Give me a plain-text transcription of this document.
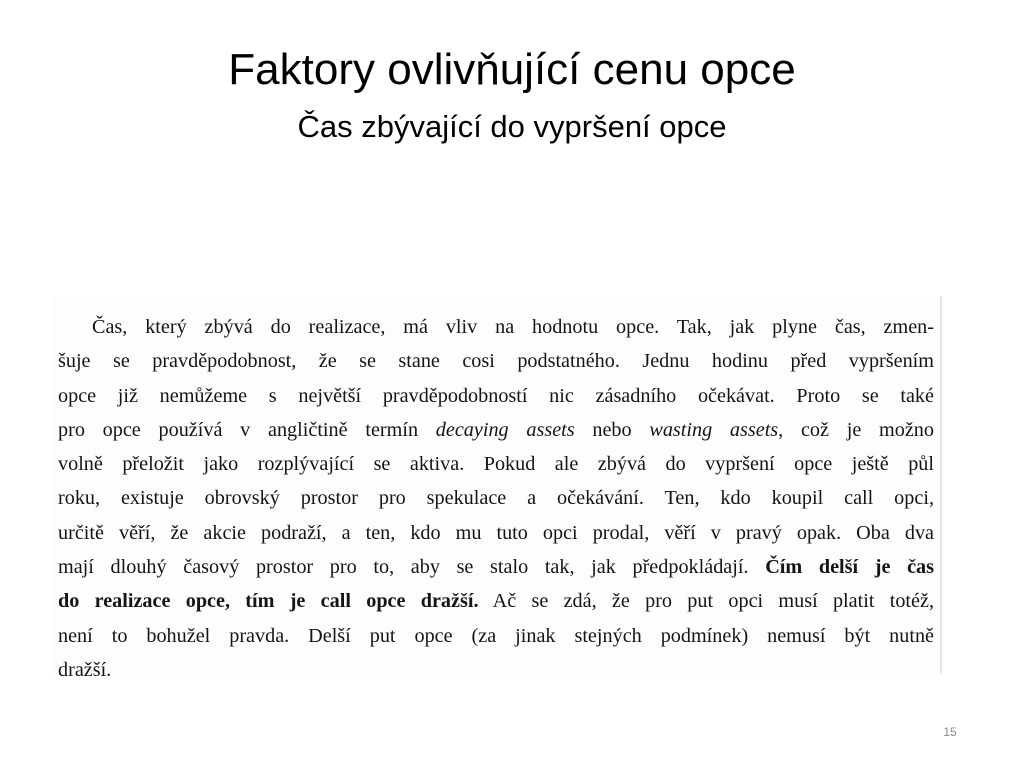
Faktory ovlivňující cenu opce
Čas zbývající do vypršení opce
Čas, který zbývá do realizace, má vliv na hodnotu opce. Tak, jak plyne čas, zmen-
šuje se pravděpodobnost, že se stane cosi podstatného. Jednu hodinu před vypršením
opce již nemůžeme s největší pravděpodobností nic zásadního očekávat. Proto se také
pro opce používá v angličtině termín decaying assets nebo wasting assets, což je možno
volně přeložit jako rozplývající se aktiva. Pokud ale zbývá do vypršení opce ještě půl
roku, existuje obrovský prostor pro spekulace a očekávání. Ten, kdo koupil call opci,
určitě věří, že akcie podraží, a ten, kdo mu tuto opci prodal, věří v pravý opak. Oba dva
mají dlouhý časový prostor pro to, aby se stalo tak, jak předpokládají. Čím delší je čas
do realizace opce, tím je call opce dražší. Ač se zdá, že pro put opci musí platit totéž,
není to bohužel pravda. Delší put opce (za jinak stejných podmínek) nemusí být nutně
dražší.
15
